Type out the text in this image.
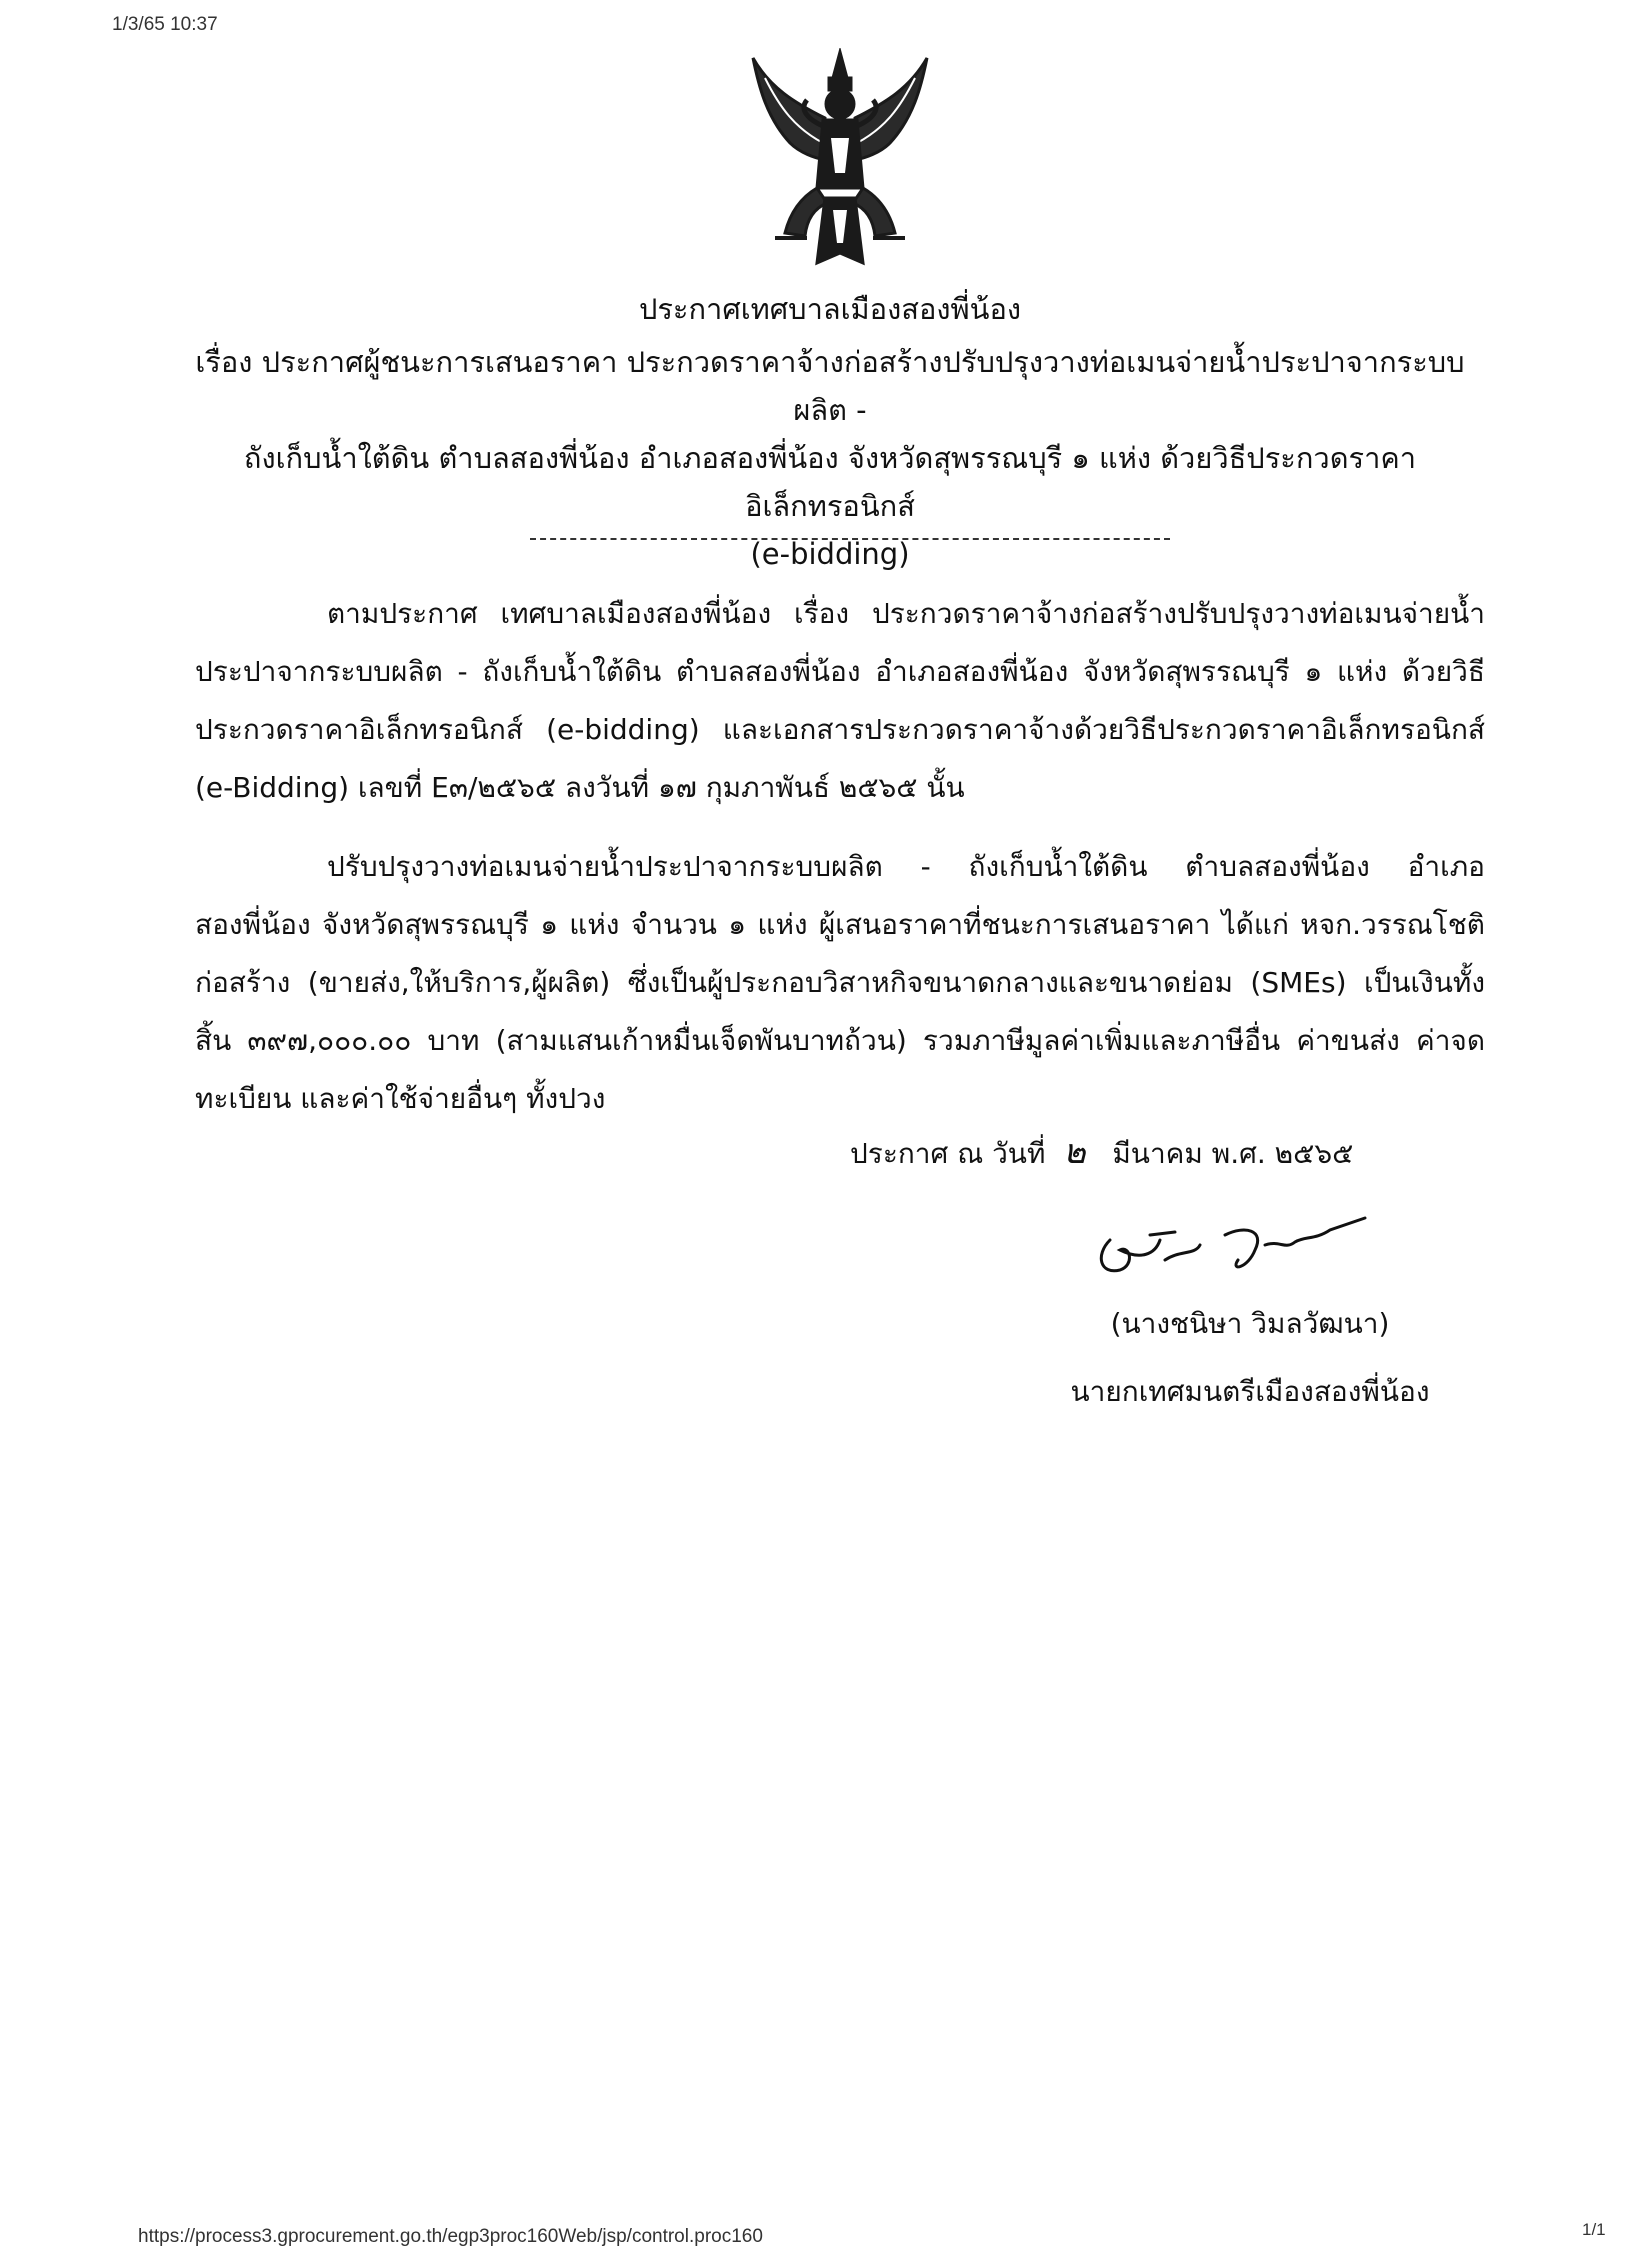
1/3/65 10:37
ประกาศเทศบาลเมืองสองพี่น้อง
เรื่อง ประกาศผู้ชนะการเสนอราคา ประกวดราคาจ้างก่อสร้างปรับปรุงวางท่อเมนจ่ายน้ำประปาจากระบบผลิต -
ถังเก็บน้ำใต้ดิน ตำบลสองพี่น้อง อำเภอสองพี่น้อง จังหวัดสุพรรณบุรี ๑ แห่ง ด้วยวิธีประกวดราคาอิเล็กทรอนิกส์
(e-bidding)

ตามประกาศ เทศบาลเมืองสองพี่น้อง เรื่อง ประกวดราคาจ้างก่อสร้างปรับปรุงวางท่อเมนจ่ายน้ำประปาจากระบบผลิต - ถังเก็บน้ำใต้ดิน ตำบลสองพี่น้อง อำเภอสองพี่น้อง จังหวัดสุพรรณบุรี ๑ แห่ง ด้วยวิธีประกวดราคาอิเล็กทรอนิกส์ (e-bidding) และเอกสารประกวดราคาจ้างด้วยวิธีประกวดราคาอิเล็กทรอนิกส์ (e-Bidding) เลขที่ E๓/๒๕๖๕ ลงวันที่ ๑๗ กุมภาพันธ์ ๒๕๖๕ นั้น

ปรับปรุงวางท่อเมนจ่ายน้ำประปาจากระบบผลิต - ถังเก็บน้ำใต้ดิน ตำบลสองพี่น้อง อำเภอสองพี่น้อง จังหวัดสุพรรณบุรี ๑ แห่ง จำนวน ๑ แห่ง ผู้เสนอราคาที่ชนะการเสนอราคา ได้แก่ หจก.วรรณโชติก่อสร้าง (ขายส่ง,ให้บริการ,ผู้ผลิต) ซึ่งเป็นผู้ประกอบวิสาหกิจขนาดกลางและขนาดย่อม (SMEs) เป็นเงินทั้งสิ้น ๓๙๗,๐๐๐.๐๐ บาท (สามแสนเก้าหมื่นเจ็ดพันบาทถ้วน) รวมภาษีมูลค่าเพิ่มและภาษีอื่น ค่าขนส่ง ค่าจดทะเบียน และค่าใช้จ่ายอื่นๆ ทั้งปวง

ประกาศ ณ วันที่ ๒ มีนาคม พ.ศ. ๒๕๖๕
(นางชนิษา วิมลวัฒนา)
นายกเทศมนตรีเมืองสองพี่น้อง
https://process3.gprocurement.go.th/egp3proc160Web/jsp/control.proc160	1/1
